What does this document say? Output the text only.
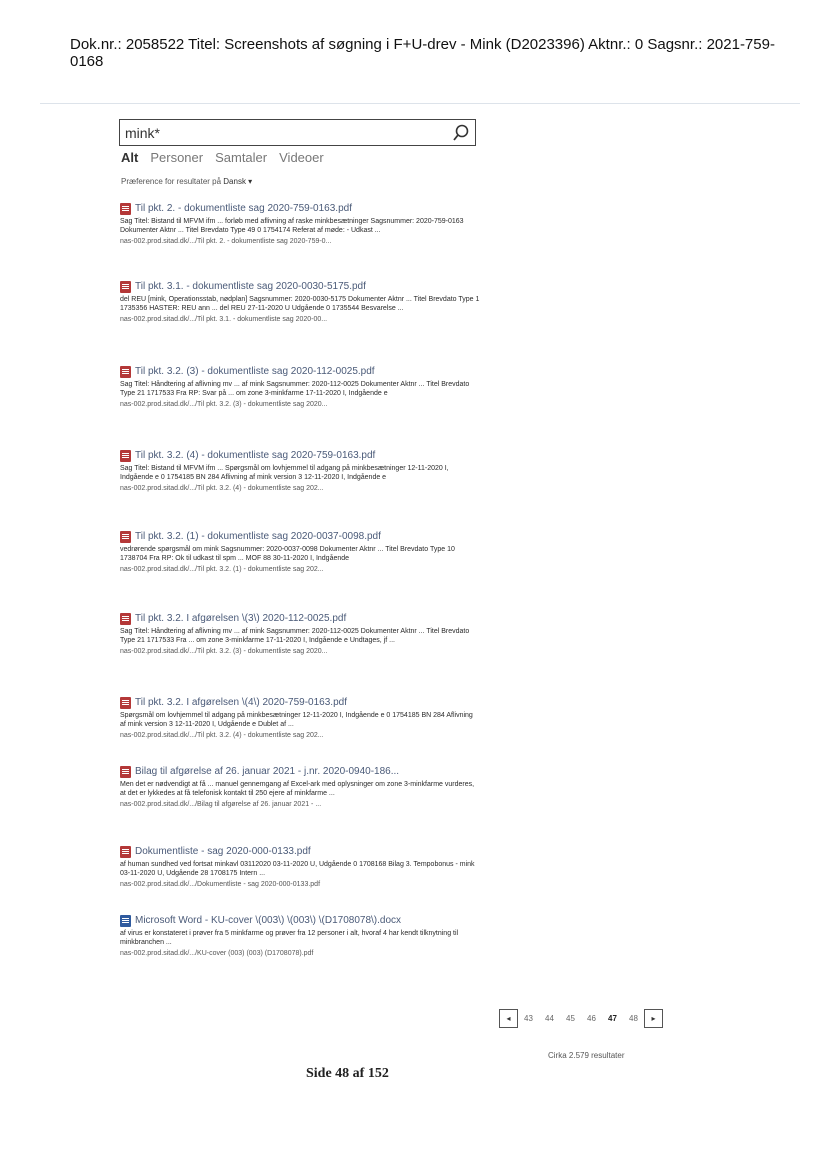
Dok.nr.: 2058522 Titel: Screenshots af søgning i F+U-drev - Mink (D2023396) Aktnr.: 0 Sagsnr.: 2021-759-0168
mink*
Alt Personer Samtaler Videoer
Præference for resultater på Dansk ▾
Til pkt. 2. - dokumentliste sag 2020-759-0163.pdf
Sag Titel: Bistand til MFVM ifm ... forløb med aflivning af raske minkbesætninger Sagsnummer: 2020-759-0163 Dokumenter Aktnr ... Titel Brevdato Type 49 0 1754174 Referat af møde: - Udkast ...
nas-002.prod.sitad.dk/.../Til pkt. 2. - dokumentliste sag 2020-759-0...
Til pkt. 3.1. - dokumentliste sag 2020-0030-5175.pdf
del REU [mink, Operationsstab, nødplan] Sagsnummer: 2020-0030-5175 Dokumenter Aktnr ... Titel Brevdato Type 1 1735356 HASTER: REU ann ... del REU 27-11-2020 U Udgående 0 1735544 Besvarelse ...
nas-002.prod.sitad.dk/.../Til pkt. 3.1. - dokumentliste sag 2020-00...
Til pkt. 3.2. (3) - dokumentliste sag 2020-112-0025.pdf
Sag Titel: Håndtering af aflivning mv ... af mink Sagsnummer: 2020-112-0025 Dokumenter Aktnr ... Titel Brevdato Type 21 1717533 Fra RP: Svar på ... om zone 3-minkfarme 17-11-2020 I, Indgående e
nas-002.prod.sitad.dk/.../Til pkt. 3.2. (3) - dokumentliste sag 2020...
Til pkt. 3.2. (4) - dokumentliste sag 2020-759-0163.pdf
Sag Titel: Bistand til MFVM ifm ... Spørgsmål om lovhjemmel til adgang på minkbesætninger 12-11-2020 I, Indgående e 0 1754185 BN 284 Aflivning af mink version 3 12-11-2020 I, Indgående e
nas-002.prod.sitad.dk/.../Til pkt. 3.2. (4) - dokumentliste sag 202...
Til pkt. 3.2. (1) - dokumentliste sag 2020-0037-0098.pdf
vedrørende spørgsmål om mink Sagsnummer: 2020-0037-0098 Dokumenter Aktnr ... Titel Brevdato Type 10 1738704 Fra RP: Ok til udkast til spm ... MOF 88 30-11-2020 I, Indgående
nas-002.prod.sitad.dk/.../Til pkt. 3.2. (1) - dokumentliste sag 202...
Til pkt. 3.2. I afgørelsen \(3\) 2020-112-0025.pdf
Sag Titel: Håndtering af aflivning mv ... af mink Sagsnummer: 2020-112-0025 Dokumenter Aktnr ... Titel Brevdato Type 21 1717533 Fra ... om zone 3-minkfarme 17-11-2020 I, Indgående e Undtages, jf ...
nas-002.prod.sitad.dk/.../Til pkt. 3.2. (3) - dokumentliste sag 2020...
Til pkt. 3.2. I afgørelsen \(4\) 2020-759-0163.pdf
Spørgsmål om lovhjemmel til adgang på minkbesætninger 12-11-2020 I, Indgående e 0 1754185 BN 284 Aflivning af mink version 3 12-11-2020 I, Udgående e Dublet af ...
nas-002.prod.sitad.dk/.../Til pkt. 3.2. (4) - dokumentliste sag 202...
Bilag til afgørelse af 26. januar 2021 - j.nr. 2020-0940-186...
Men det er nødvendigt at få ... manuel gennemgang af Excel-ark med oplysninger om zone 3-minkfarme vurderes, at det er lykkedes at få telefonisk kontakt til 250 ejere af minkfarme ...
nas-002.prod.sitad.dk/.../Bilag til afgørelse af 26. januar 2021 - ...
Dokumentliste - sag 2020-000-0133.pdf
af human sundhed ved fortsat minkavl 03112020 03-11-2020 U, Udgående 0 1708168 Bilag 3. Tempobonus - mink 03-11-2020 U, Udgående 28 1708175 Intern ...
nas-002.prod.sitad.dk/.../Dokumentliste - sag 2020-000-0133.pdf
Microsoft Word - KU-cover \(003\) \(003\) \(D1708078\).docx
af virus er konstateret i prøver fra 5 minkfarme og prøver fra 12 personer i alt, hvoraf 4 har kendt tilknytning til minkbranchen ...
nas-002.prod.sitad.dk/.../KU-cover (003) (003) (D1708078).pdf
◂	43	44	45	46	47	48	▸
Cirka 2.579 resultater
Side 48 af 152
